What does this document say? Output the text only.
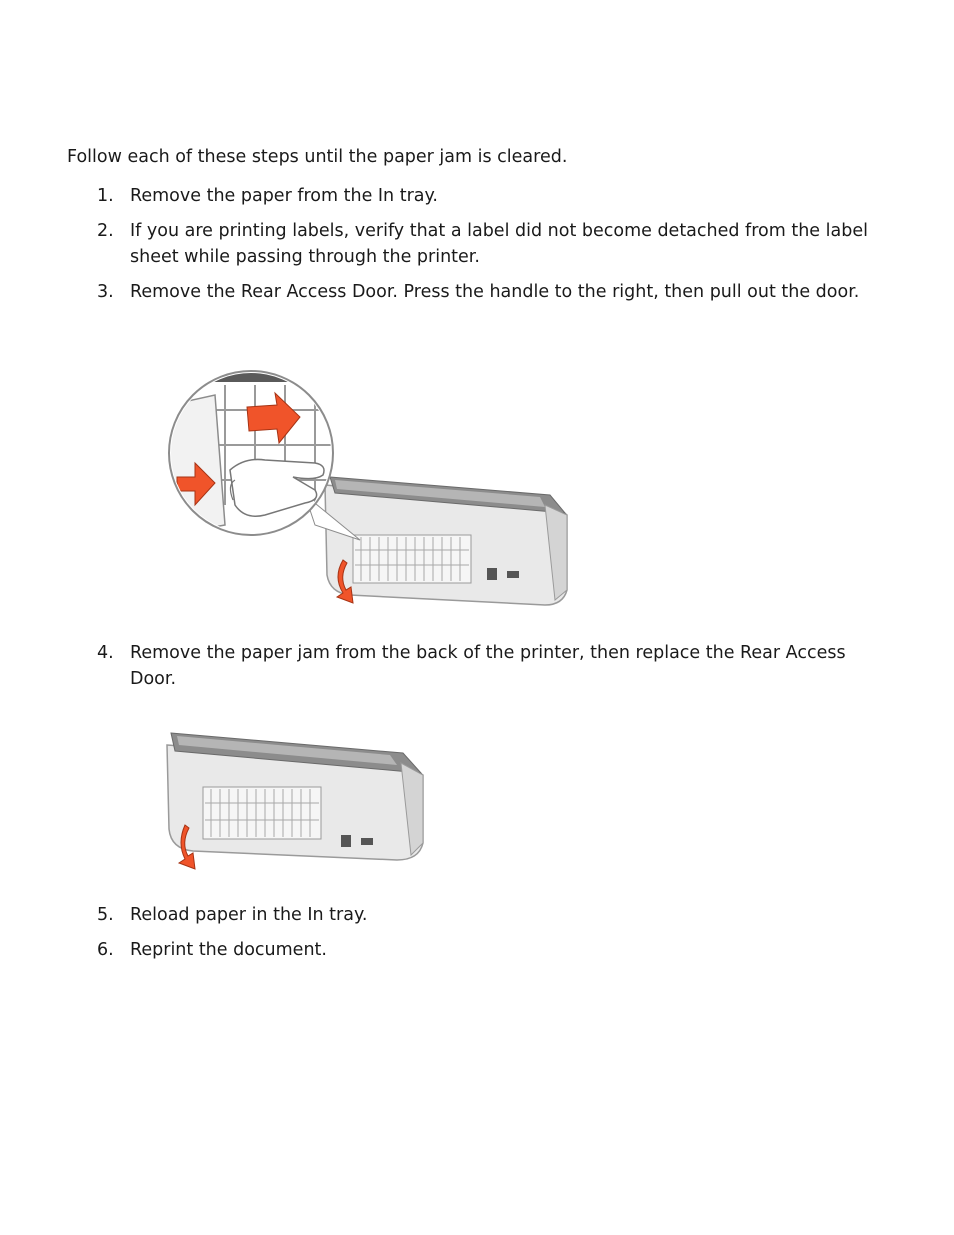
Follow each of these steps until the paper jam is cleared.

1. Remove the paper from the In tray.
2. If you are printing labels, verify that a label did not become detached from the label sheet while passing through the printer.
3. Remove the Rear Access Door. Press the handle to the right, then pull out the door.
4. Remove the paper jam from the back of the printer, then replace the Rear Access Door.
5. Reload paper in the In tray.
6. Reprint the document.
